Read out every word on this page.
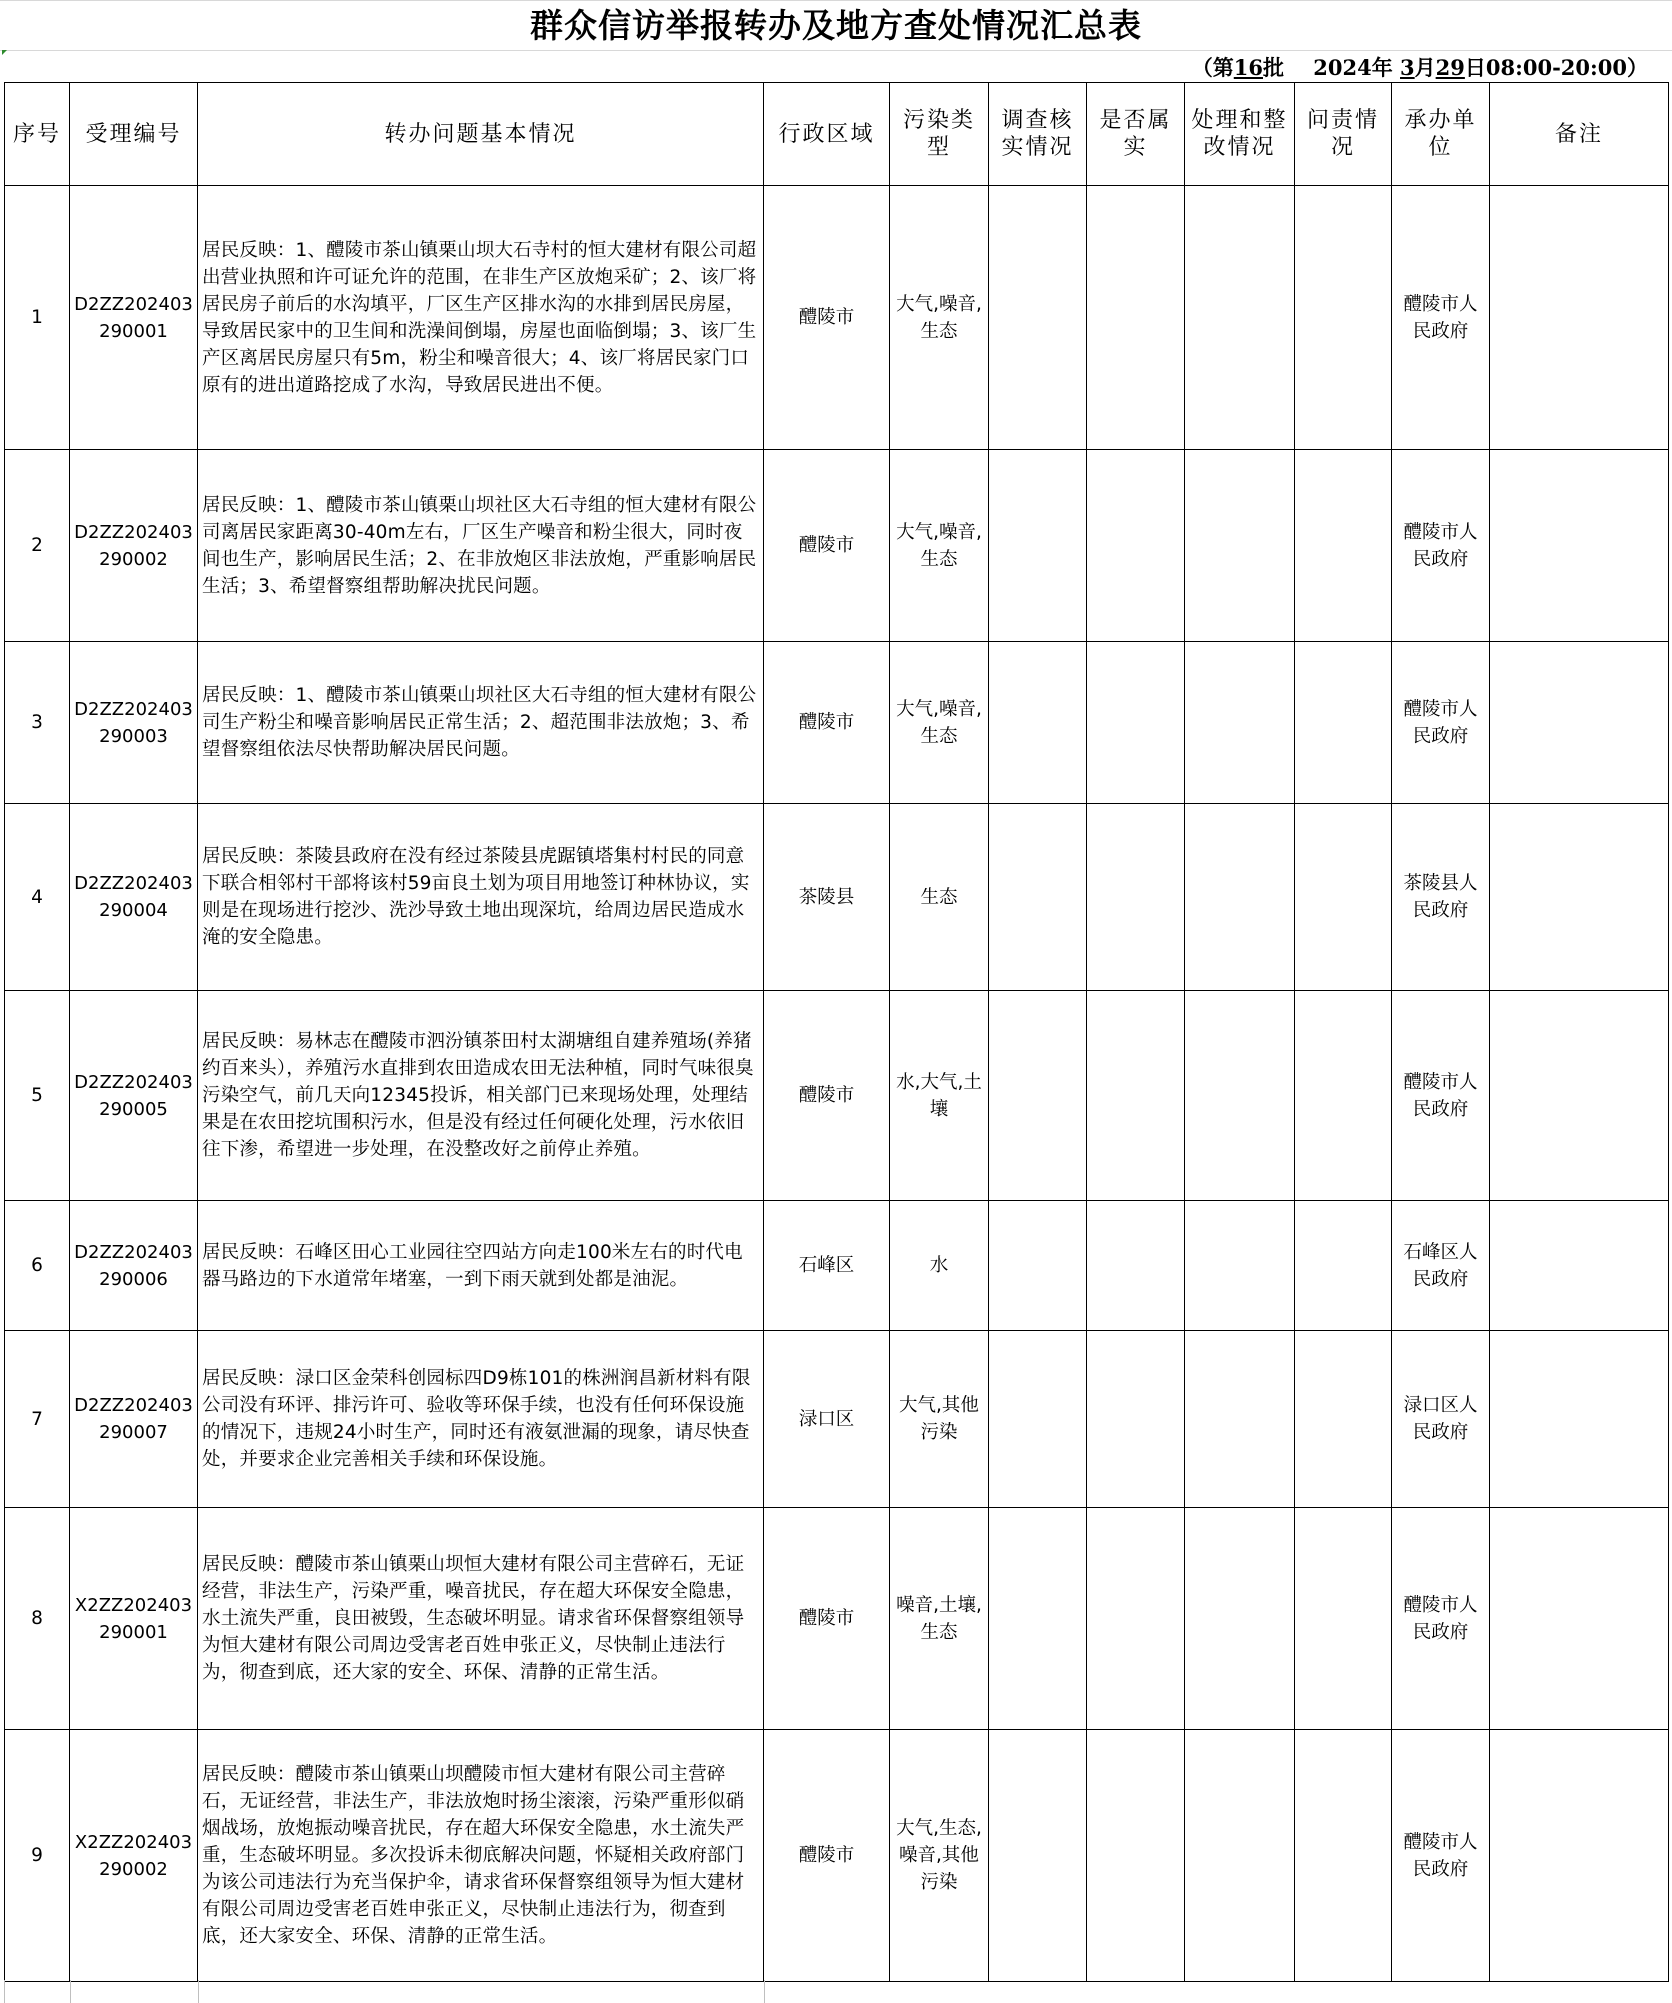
群众信访举报转办及地方查处情况汇总表
（第16批 2024年 3月29日08:00-20:00）
序号	受理编号	转办问题基本情况	行政区域	污染类型	调查核实情况	是否属实	处理和整改情况	问责情况	承办单位	备注
1	D2ZZ202403290001	居民反映：1、醴陵市茶山镇栗山坝大石寺村的恒大建材有限公司超出营业执照和许可证允许的范围，在非生产区放炮采矿；2、该厂将居民房子前后的水沟填平，厂区生产区排水沟的水排到居民房屋，导致居民家中的卫生间和洗澡间倒塌，房屋也面临倒塌；3、该厂生产区离居民房屋只有5m，粉尘和噪音很大；4、该厂将居民家门口原有的进出道路挖成了水沟，导致居民进出不便。	醴陵市	大气,噪音,生态					醴陵市人民政府	
2	D2ZZ202403290002	居民反映：1、醴陵市茶山镇栗山坝社区大石寺组的恒大建材有限公司离居民家距离30-40m左右，厂区生产噪音和粉尘很大，同时夜间也生产，影响居民生活；2、在非放炮区非法放炮，严重影响居民生活；3、希望督察组帮助解决扰民问题。	醴陵市	大气,噪音,生态					醴陵市人民政府	
3	D2ZZ202403290003	居民反映：1、醴陵市茶山镇栗山坝社区大石寺组的恒大建材有限公司生产粉尘和噪音影响居民正常生活；2、超范围非法放炮；3、希望督察组依法尽快帮助解决居民问题。	醴陵市	大气,噪音,生态					醴陵市人民政府	
4	D2ZZ202403290004	居民反映：茶陵县政府在没有经过茶陵县虎踞镇塔集村村民的同意下联合相邻村干部将该村59亩良土划为项目用地签订种林协议，实则是在现场进行挖沙、洗沙导致土地出现深坑，给周边居民造成水淹的安全隐患。	茶陵县	生态					茶陵县人民政府	
5	D2ZZ202403290005	居民反映：易林志在醴陵市泗汾镇茶田村太湖塘组自建养殖场(养猪约百来头），养殖污水直排到农田造成农田无法种植，同时气味很臭污染空气，前几天向12345投诉，相关部门已来现场处理，处理结果是在农田挖坑围积污水，但是没有经过任何硬化处理，污水依旧往下渗，希望进一步处理，在没整改好之前停止养殖。	醴陵市	水,大气,土壤					醴陵市人民政府	
6	D2ZZ202403290006	居民反映：石峰区田心工业园往空四站方向走100米左右的时代电器马路边的下水道常年堵塞，一到下雨天就到处都是油泥。	石峰区	水					石峰区人民政府	
7	D2ZZ202403290007	居民反映：渌口区金荣科创园标四D9栋101的株洲润昌新材料有限公司没有环评、排污许可、验收等环保手续，也没有任何环保设施的情况下，违规24小时生产，同时还有液氨泄漏的现象，请尽快查处，并要求企业完善相关手续和环保设施。	渌口区	大气,其他污染					渌口区人民政府	
8	X2ZZ202403290001	居民反映：醴陵市茶山镇栗山坝恒大建材有限公司主营碎石，无证经营，非法生产，污染严重，噪音扰民，存在超大环保安全隐患，水土流失严重，良田被毁，生态破坏明显。请求省环保督察组领导为恒大建材有限公司周边受害老百姓申张正义，尽快制止违法行为，彻查到底，还大家的安全、环保、清静的正常生活。	醴陵市	噪音,土壤,生态					醴陵市人民政府	
9	X2ZZ202403290002	居民反映：醴陵市茶山镇栗山坝醴陵市恒大建材有限公司主营碎石，无证经营，非法生产，非法放炮时扬尘滚滚，污染严重形似硝烟战场，放炮振动噪音扰民，存在超大环保安全隐患，水土流失严重，生态破坏明显。多次投诉未彻底解决问题，怀疑相关政府部门为该公司违法行为充当保护伞，请求省环保督察组领导为恒大建材有限公司周边受害老百姓申张正义，尽快制止违法行为，彻查到底，还大家安全、环保、清静的正常生活。	醴陵市	大气,生态,噪音,其他污染					醴陵市人民政府	
